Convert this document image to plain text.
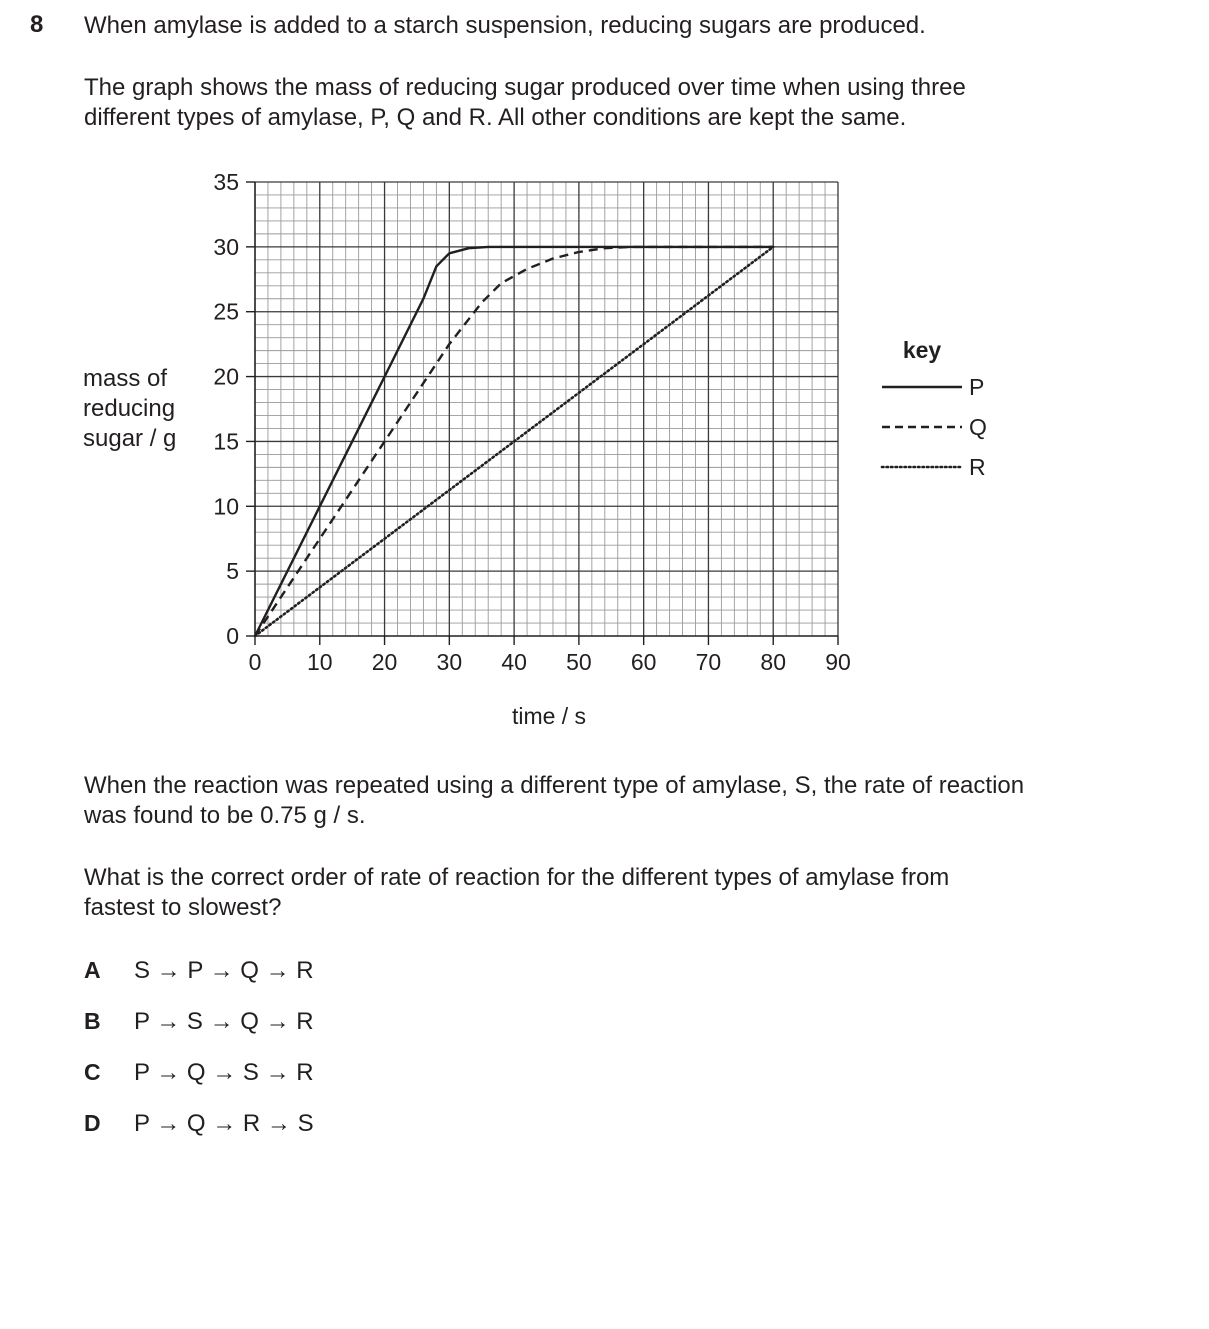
8 When amylase is added to a starch suspension, reducing sugars are produced.

The graph shows the mass of reducing sugar produced over time when using three

different types of amylase, P, Q and R. All other conditions are kept the same.

0 10 20 30 40 50 60 70 80 90
0
5
10
15
20
25
30
35
time / s
mass of
reducing
sugar / g
key
P
Q
R

When the reaction was repeated using a different type of amylase, S, the rate of reaction

was found to be 0.75 g / s.

What is the correct order of rate of reaction for the different types of amylase from

fastest to slowest?

A S → P → Q → R
B P → S → Q → R
C P → Q → S → R
D P → Q → R → S
